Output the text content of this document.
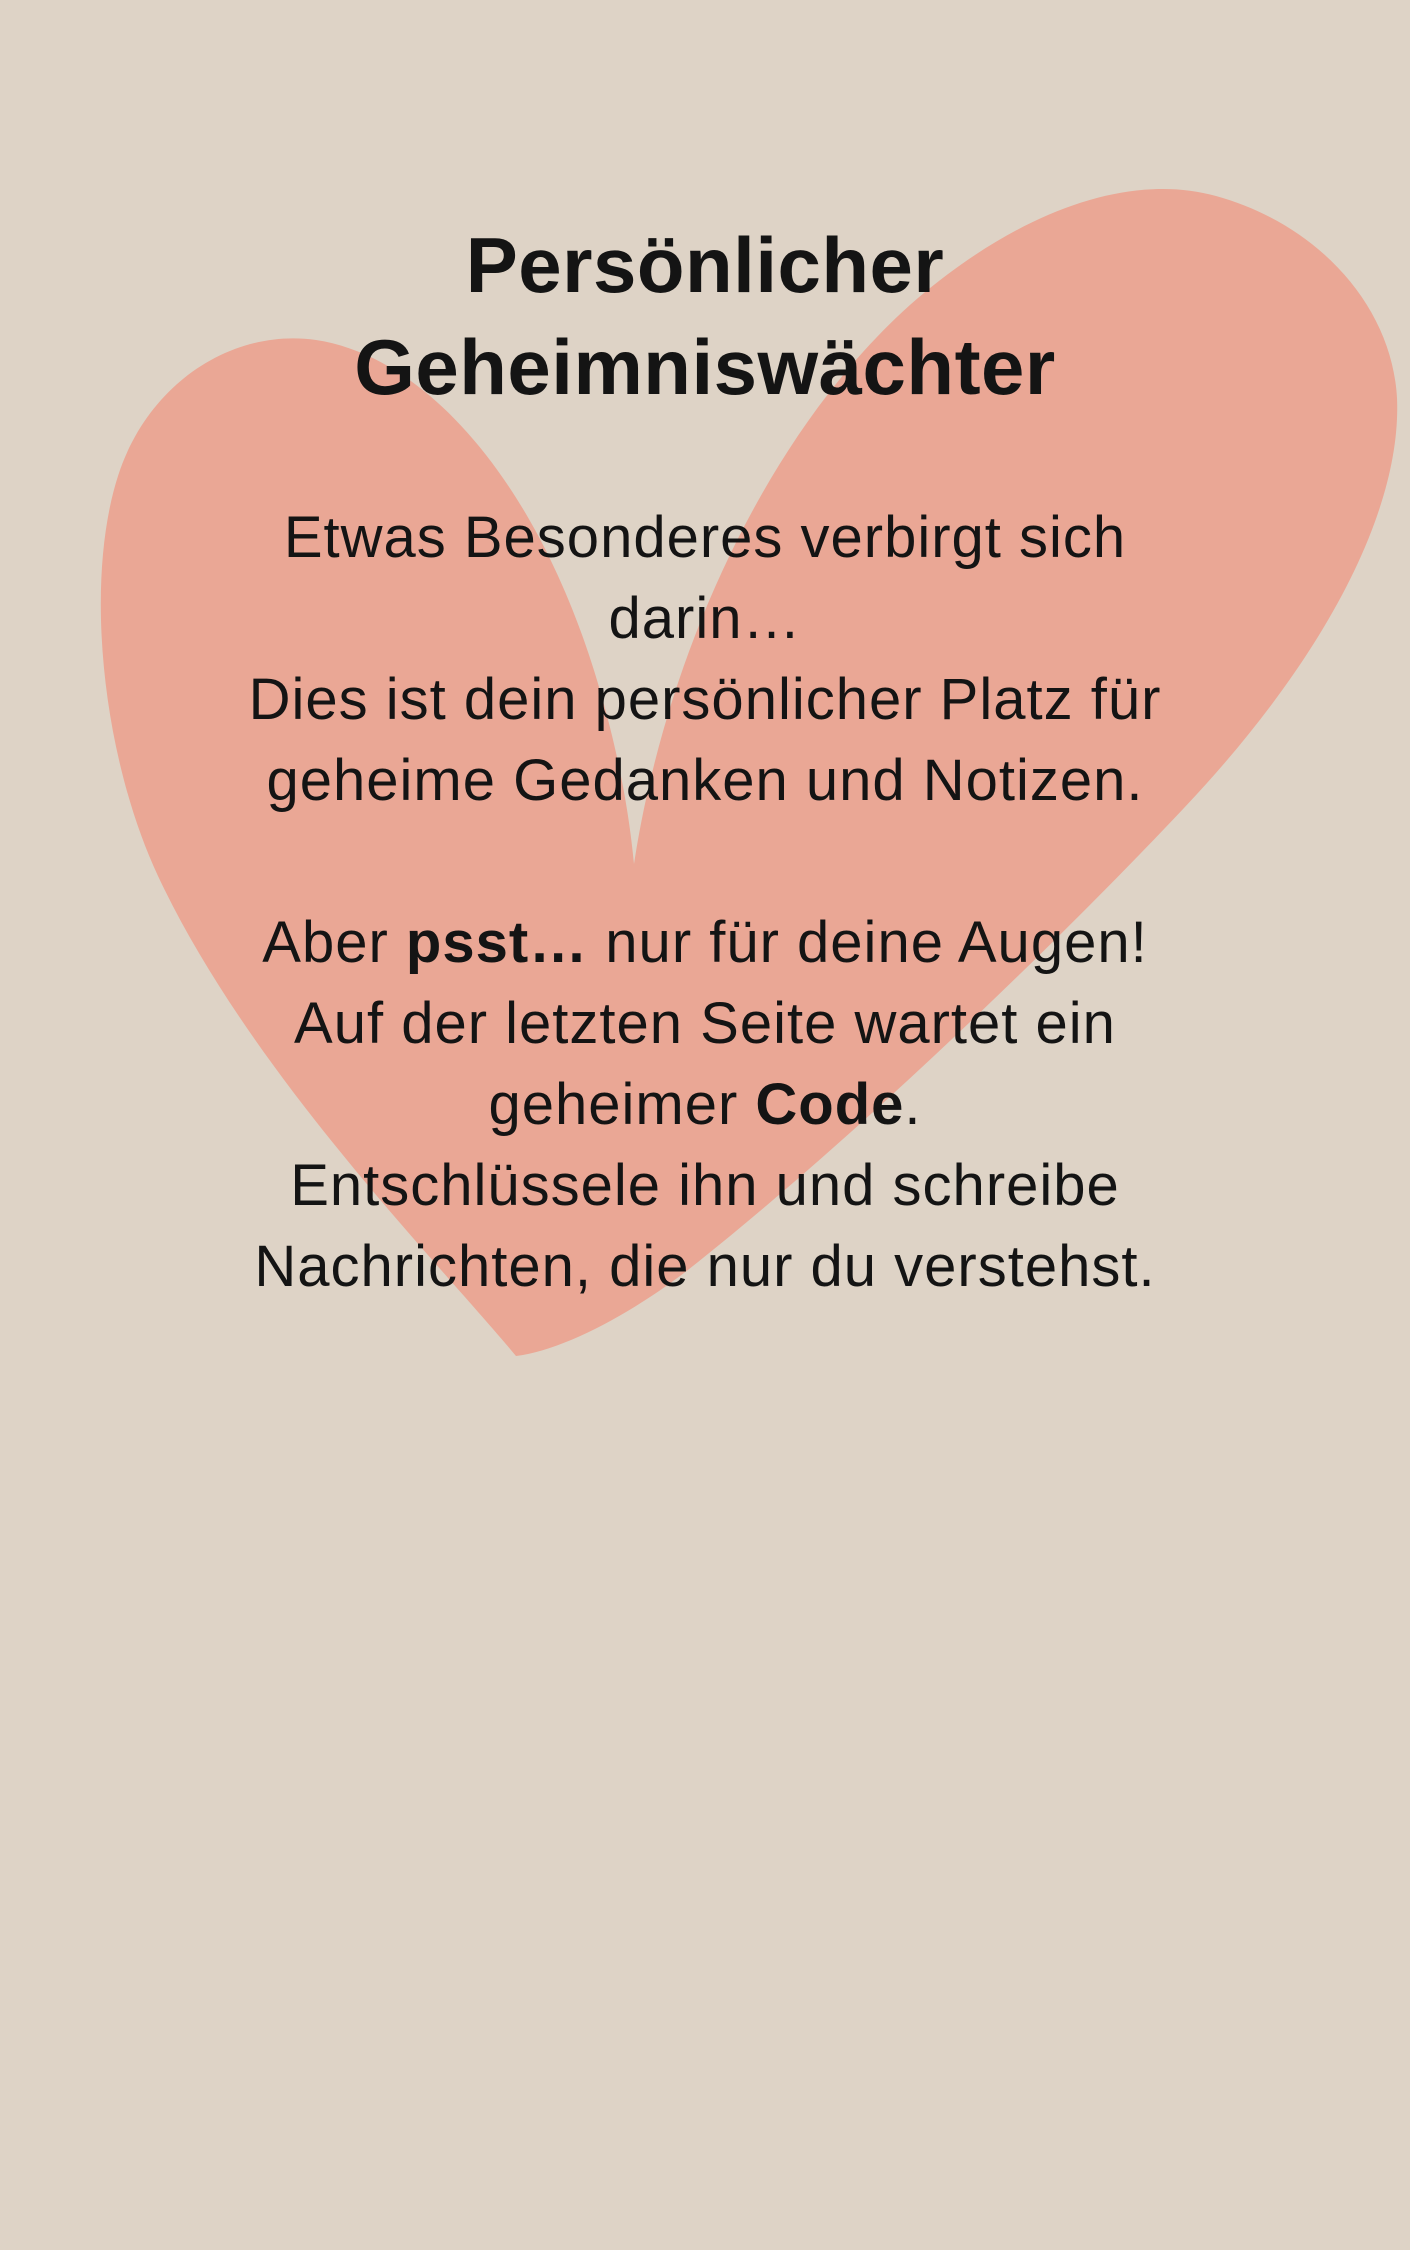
Persönlicher
Geheimniswächter
Etwas Besonderes verbirgt sich
darin…
Dies ist dein persönlicher Platz für
geheime Gedanken und Notizen.
Aber psst… nur für deine Augen!
Auf der letzten Seite wartet ein
geheimer Code.
Entschlüssele ihn und schreibe
Nachrichten, die nur du verstehst.
